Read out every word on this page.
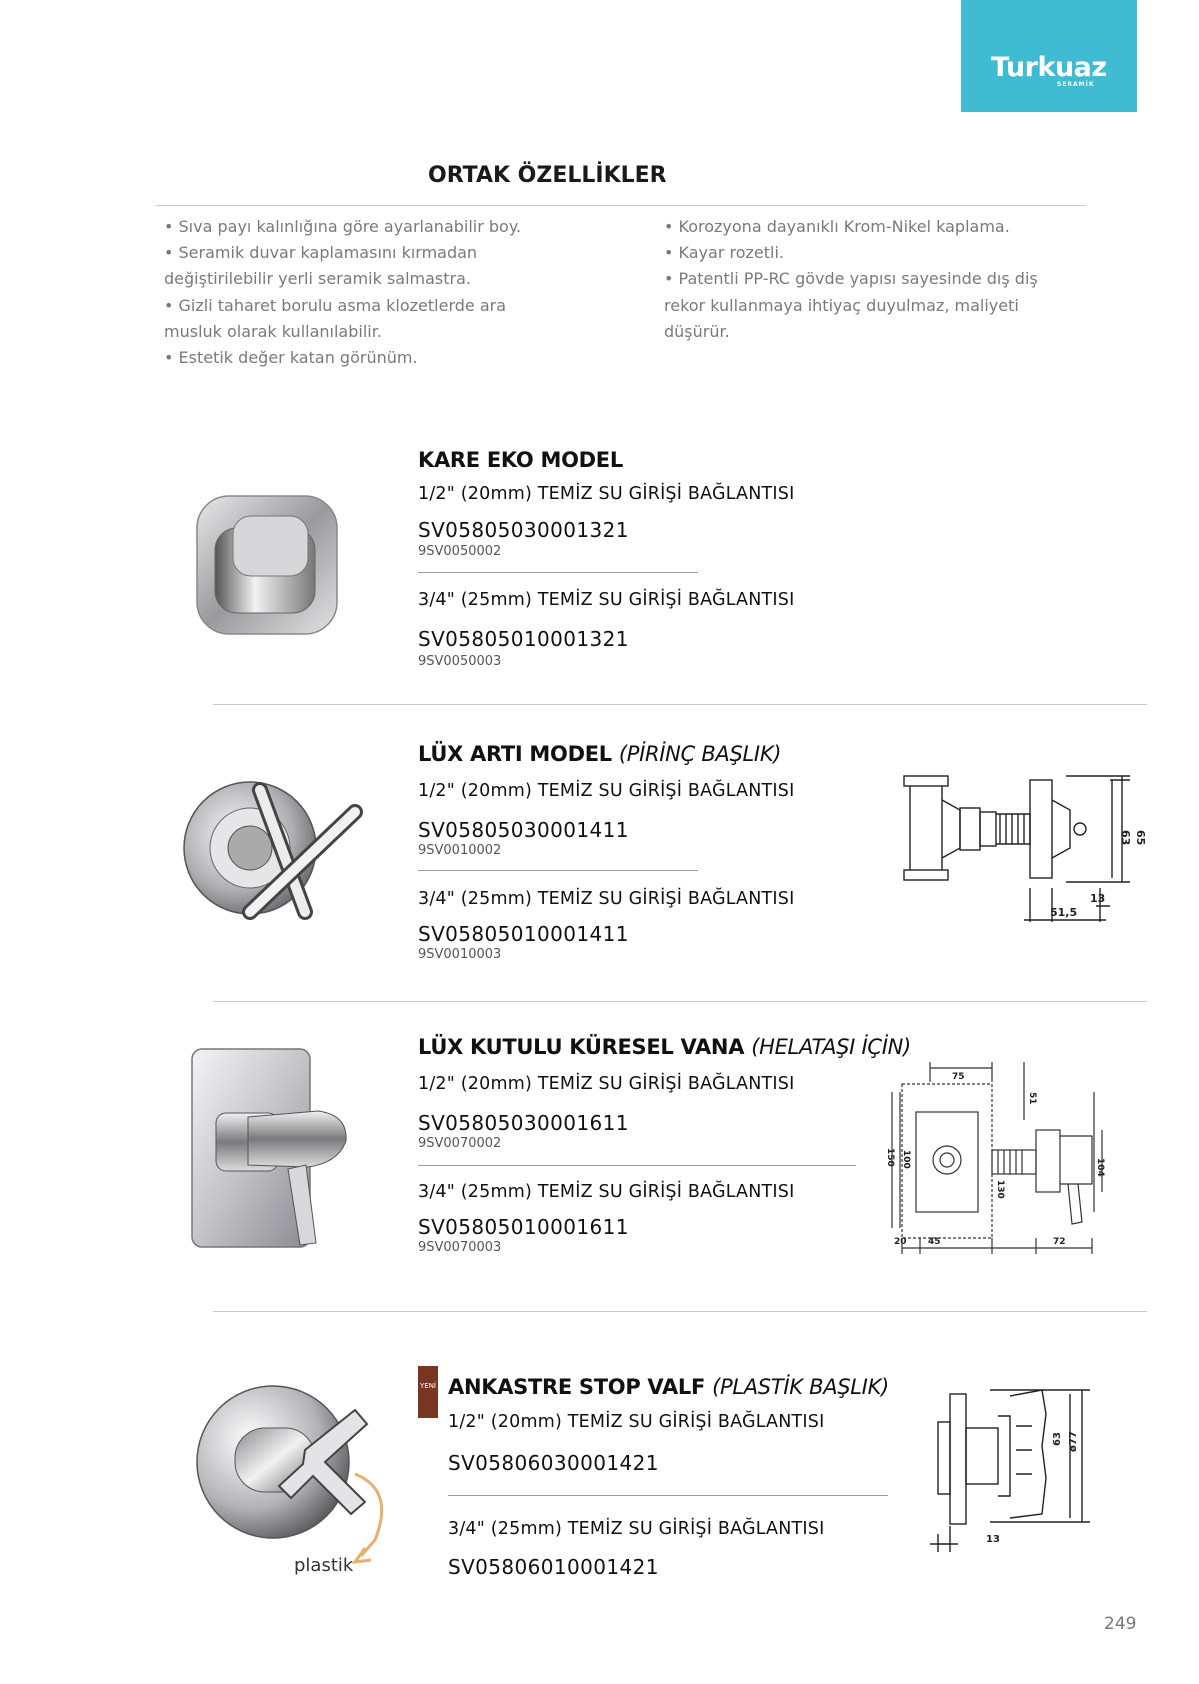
Turkuaz
SERAMİK
ORTAK ÖZELLİKLER
• Sıva payı kalınlığına göre ayarlanabilir boy.
• Seramik duvar kaplamasını kırmadan
değiştirilebilir yerli seramik salmastra.
• Gizli taharet borulu asma klozetlerde ara
musluk olarak kullanılabilir.
• Estetik değer katan görünüm.
• Korozyona dayanıklı Krom-Nikel kaplama.
• Kayar rozetli.
• Patentli PP-RC gövde yapısı sayesinde dış diş
rekor kullanmaya ihtiyaç duyulmaz, maliyeti
düşürür.
KARE EKO MODEL
1/2" (20mm) TEMİZ SU GİRİŞİ BAĞLANTISI
SV05805030001321
9SV0050002
3/4" (25mm) TEMİZ SU GİRİŞİ BAĞLANTISI
SV05805010001321
9SV0050003
LÜX ARTI MODEL (PİRİNÇ BAŞLIK)
1/2" (20mm) TEMİZ SU GİRİŞİ BAĞLANTISI
SV05805030001411
9SV0010002
3/4" (25mm) TEMİZ SU GİRİŞİ BAĞLANTISI
SV05805010001411
9SV0010003
65
63
13
51,5
LÜX KUTULU KÜRESEL VANA (HELATAŞI İÇİN)
1/2" (20mm) TEMİZ SU GİRİŞİ BAĞLANTISI
SV05805030001611
9SV0070002
3/4" (25mm) TEMİZ SU GİRİŞİ BAĞLANTISI
SV05805010001611
9SV0070003
75
51
150 100
130
104
20 45	72
plastik
YENİ ANKASTRE STOP VALF (PLASTİK BAŞLIK)
1/2" (20mm) TEMİZ SU GİRİŞİ BAĞLANTISI
SV05806030001421
3/4" (25mm) TEMİZ SU GİRİŞİ BAĞLANTISI
SV05806010001421
63 ø77
13
249
